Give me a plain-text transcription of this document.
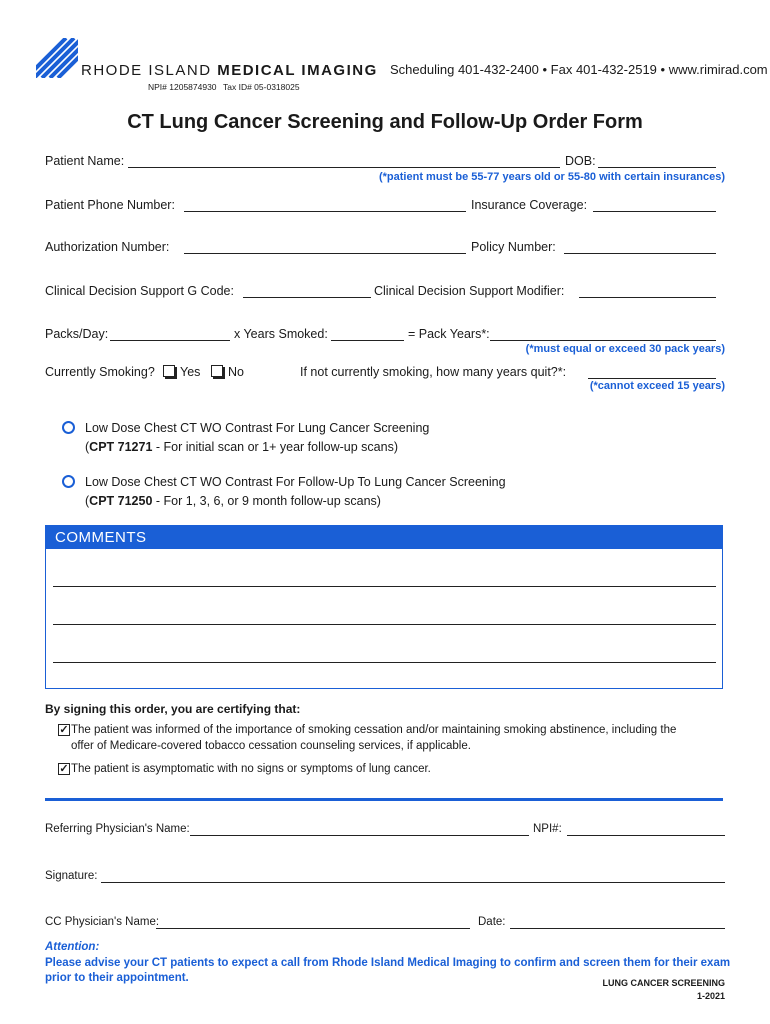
RHODE ISLAND MEDICAL IMAGING
NPI# 1205874930 Tax ID# 05-0318025
Scheduling 401-432-2400 • Fax 401-432-2519 • www.rimirad.com
CT Lung Cancer Screening and Follow-Up Order Form
Patient Name:	DOB:
(*patient must be 55-77 years old or 55-80 with certain insurances)
Patient Phone Number:	Insurance Coverage:
Authorization Number:	Policy Number:
Clinical Decision Support G Code:	Clinical Decision Support Modifier:
Packs/Day:	x Years Smoked:	= Pack Years*:
(*must equal or exceed 30 pack years)
Currently Smoking? Yes No	If not currently smoking, how many years quit?*:
(*cannot exceed 15 years)
Low Dose Chest CT WO Contrast For Lung Cancer Screening
(CPT 71271 - For initial scan or 1+ year follow-up scans)
Low Dose Chest CT WO Contrast For Follow-Up To Lung Cancer Screening
(CPT 71250 - For 1, 3, 6, or 9 month follow-up scans)
COMMENTS
By signing this order, you are certifying that:
✓ The patient was informed of the importance of smoking cessation and/or maintaining smoking abstinence, including the
offer of Medicare-covered tobacco cessation counseling services, if applicable.
✓ The patient is asymptomatic with no signs or symptoms of lung cancer.
Referring Physician's Name:	NPI#:
Signature:
CC Physician's Name:	Date:
Attention:
Please advise your CT patients to expect a call from Rhode Island Medical Imaging to confirm and screen them for their exam
prior to their appointment.	LUNG CANCER SCREENING
1-2021
